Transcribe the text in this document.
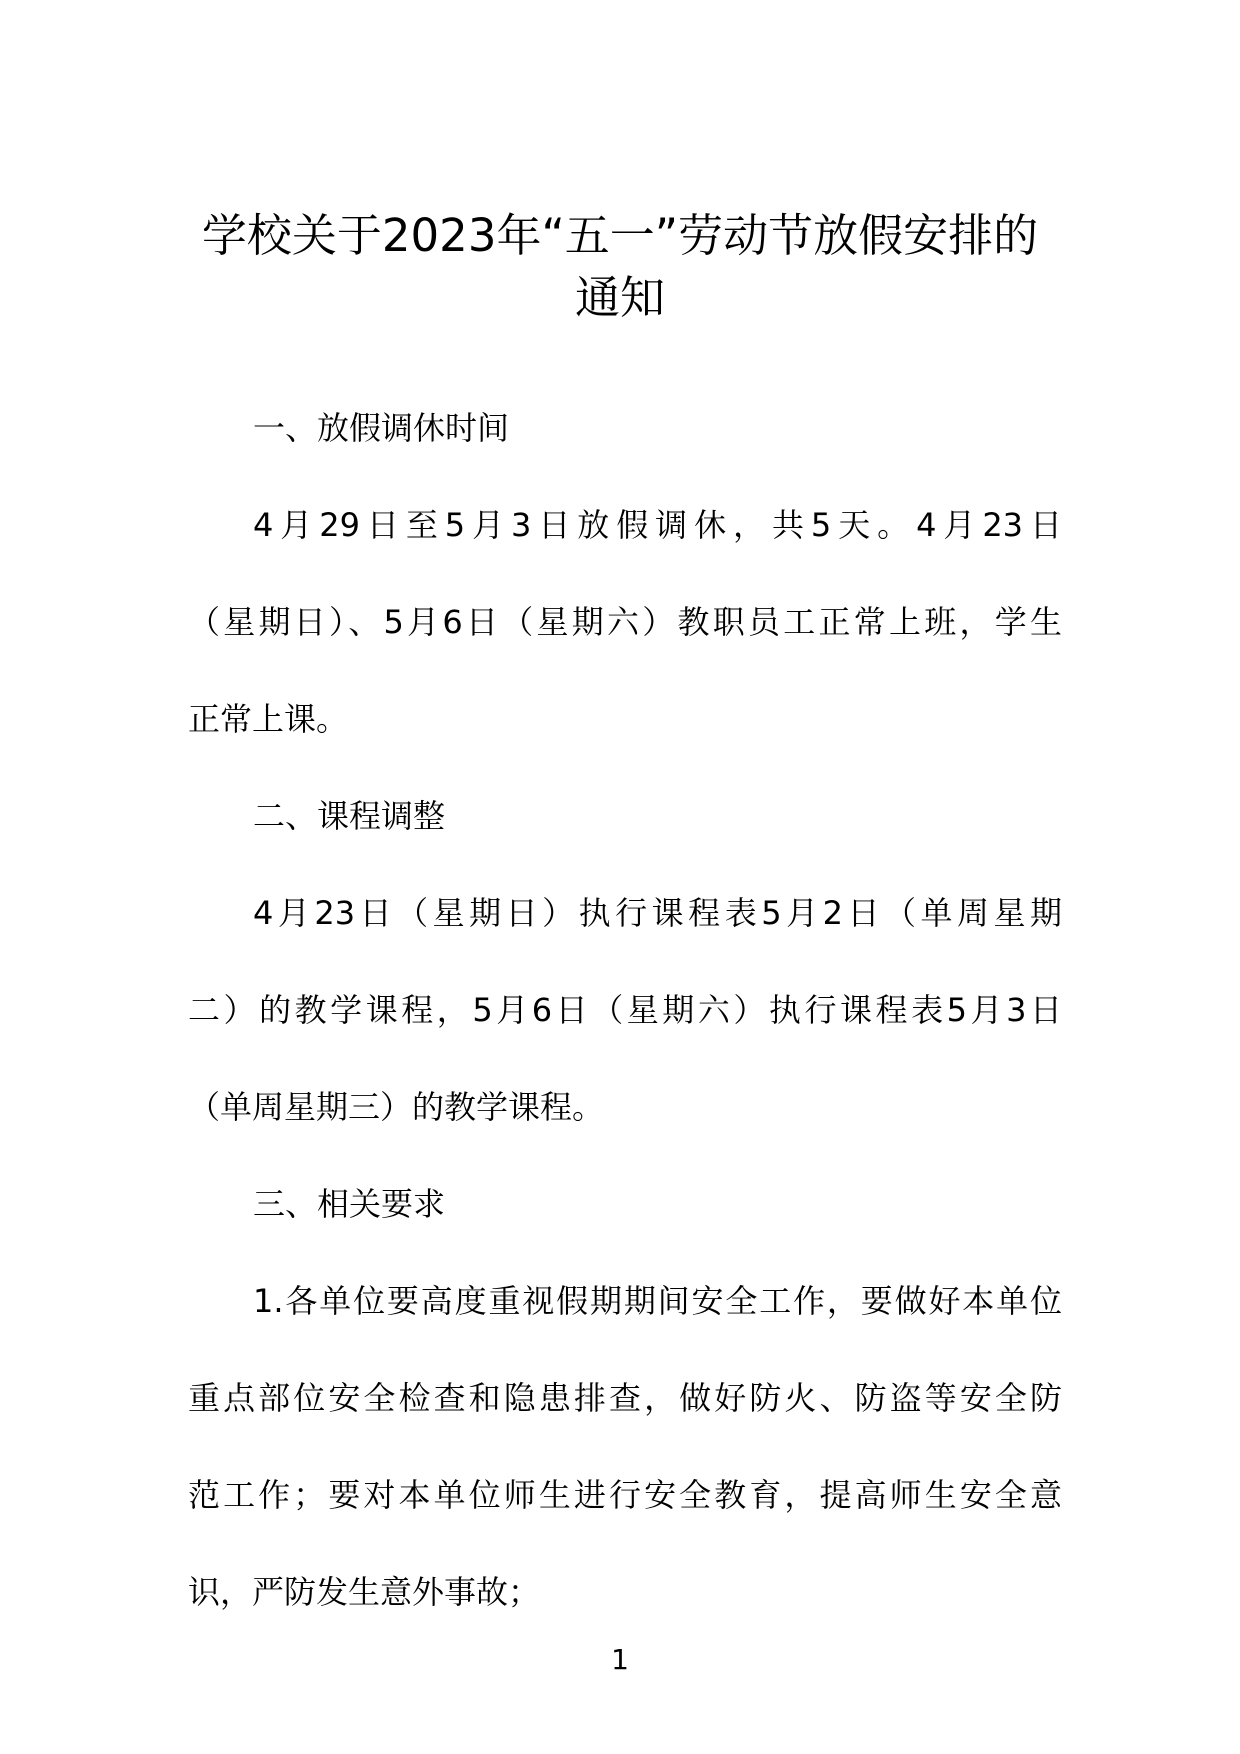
学校关于2023年“五一”劳动节放假安排的
通知

一、放假调休时间

4月29日至5月3日放假调休，共5天。4月23日
（星期日）、5月6日（星期六）教职员工正常上班，学生
正常上课。

二、课程调整

4月23日（星期日）执行课程表5月2日（单周星期
二）的教学课程，5月6日（星期六）执行课程表5月3日
（单周星期三）的教学课程。

三、相关要求

1.各单位要高度重视假期期间安全工作，要做好本单位
重点部位安全检查和隐患排查，做好防火、防盗等安全防
范工作；要对本单位师生进行安全教育，提高师生安全意
识，严防发生意外事故；

1
